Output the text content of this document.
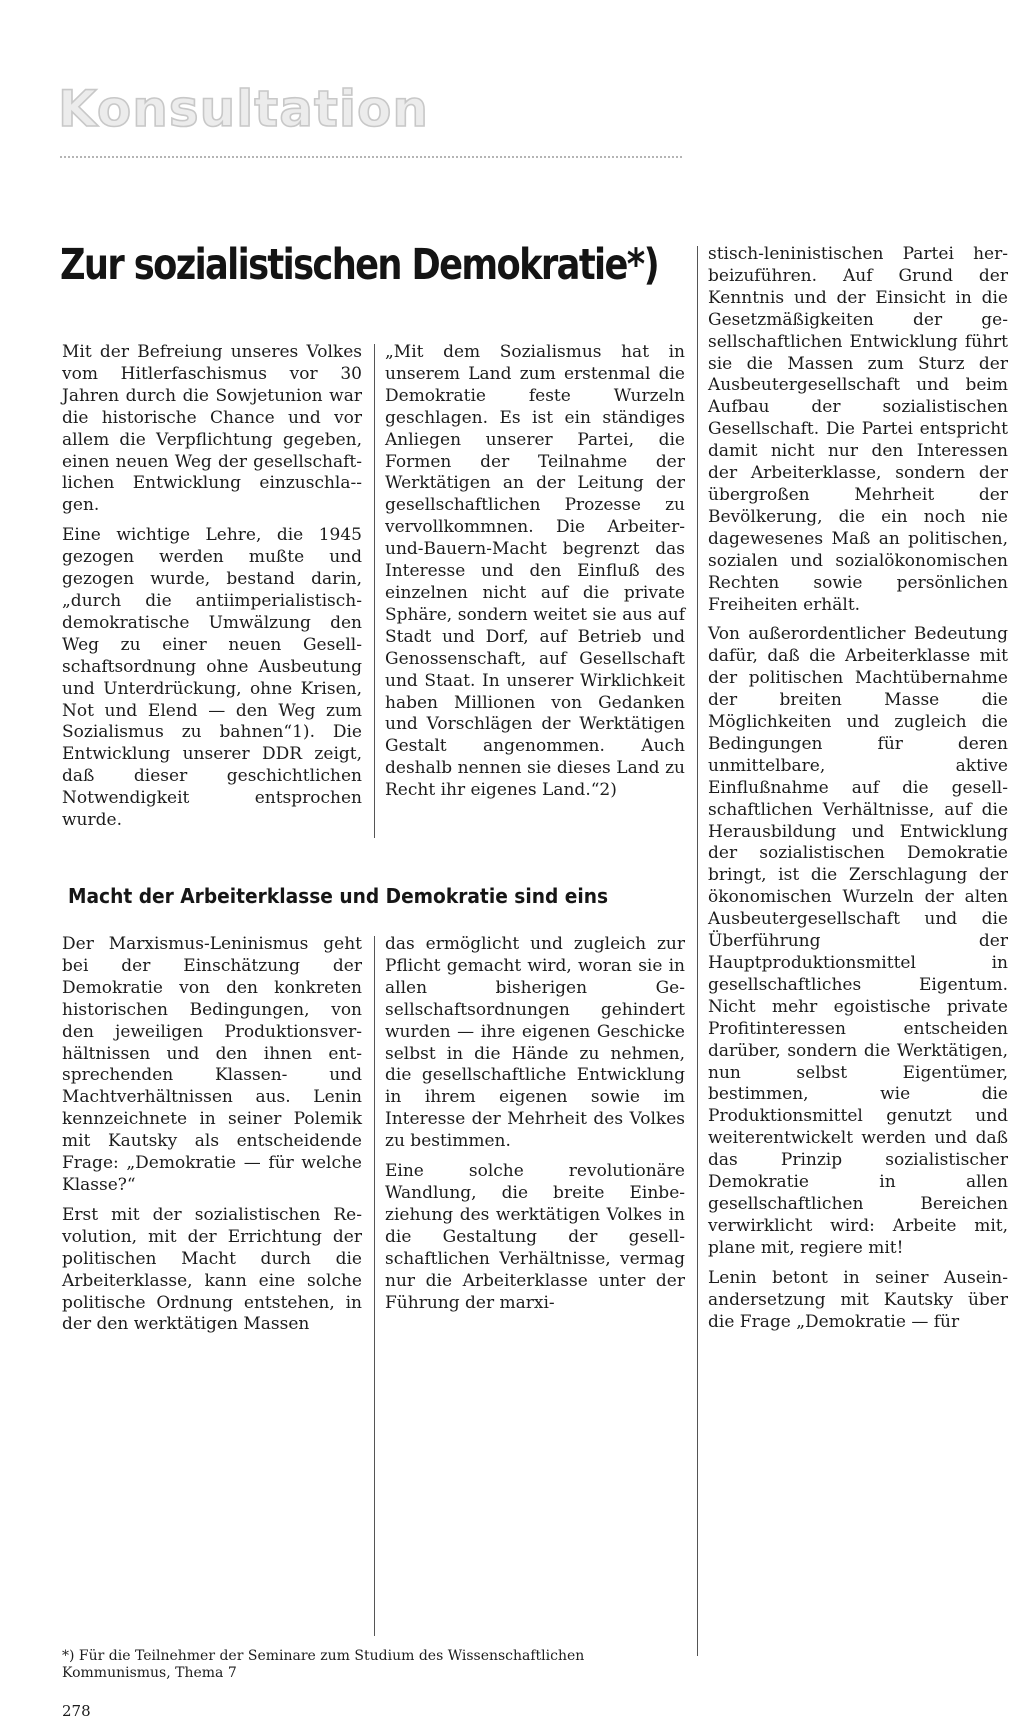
Konsultation
Zur sozialistischen Demokratie*)

Mit der Befreiung unseres Volkes vom Hitlerfaschismus vor 30 Jahren durch die Sowjetunion war die historische Chance und vor allem die Verpflichtung gegeben, einen neuen Weg der gesellschaftlichen Entwicklung einzuschla-gen.

Eine wichtige Lehre, die 1945 gezogen werden mußte und gezogen wurde, bestand darin, „durch die antiimperialistisch-demokratische Umwälzung den Weg zu einer neuen Gesellschaftsordnung ohne Ausbeutung und Unterdrückung, ohne Krisen, Not und Elend — den Weg zum Sozialismus zu bahnen“1). Die Entwicklung unserer DDR zeigt, daß dieser geschichtlichen Notwendigkeit entsprochen wurde.

„Mit dem Sozialismus hat in unserem Land zum erstenmal die Demokratie feste Wurzeln geschlagen. Es ist ein ständiges Anliegen unserer Partei, die Formen der Teilnahme der Werktätigen an der Leitung der gesellschaftlichen Prozesse zu vervollkommnen. Die Arbeiter-und-Bauern-Macht begrenzt das Interesse und den Einfluß des einzelnen nicht auf die private Sphäre, sondern weitet sie aus auf Stadt und Dorf, auf Betrieb und Genossenschaft, auf Gesellschaft und Staat. In unserer Wirklichkeit haben Millionen von Gedanken und Vorschlägen der Werktätigen Gestalt angenommen. Auch deshalb nennen sie dieses Land zu Recht ihr eigenes Land.“2)

stisch-leninistischen Partei herbeizuführen. Auf Grund der Kenntnis und der Einsicht in die Gesetzmäßigkeiten der gesellschaftlichen Entwicklung führt sie die Massen zum Sturz der Ausbeutergesellschaft und beim Aufbau der sozialistischen Gesellschaft. Die Partei entspricht damit nicht nur den Interessen der Arbeiterklasse, sondern der übergroßen Mehrheit der Bevölkerung, die ein noch nie dagewesenes Maß an politischen, sozialen und sozialökonomischen Rechten sowie persönlichen Freiheiten erhält.

Von außerordentlicher Bedeutung dafür, daß die Arbeiterklasse mit der politischen Machtübernahme der breiten Masse die Möglichkeiten und zugleich die Bedingungen für deren unmittelbare, aktive Einflußnahme auf die gesellschaftlichen Verhältnisse, auf die Herausbildung und Entwicklung der sozialistischen Demokratie bringt, ist die Zerschlagung der ökonomischen Wurzeln der alten Ausbeutergesellschaft und die Überführung der Hauptproduktionsmittel in gesellschaftliches Eigentum. Nicht mehr egoistische private Profitinteressen entscheiden darüber, sondern die Werktätigen, nun selbst Eigentümer, bestimmen, wie die Produktionsmittel genutzt und weiterentwickelt werden und daß das Prinzip sozialistischer Demokratie in allen gesellschaftlichen Bereichen verwirklicht wird: Arbeite mit, plane mit, regiere mit!

Lenin betont in seiner Auseinandersetzung mit Kautsky über die Frage „Demokratie — für

Macht der Arbeiterklasse und Demokratie sind eins

Der Marxismus-Leninismus geht bei der Einschätzung der Demokratie von den konkreten historischen Bedingungen, von den jeweiligen Produktionsverhältnissen und den ihnen entsprechenden Klassen- und Machtverhältnissen aus. Lenin kennzeichnete in seiner Polemik mit Kautsky als entscheidende Frage: „Demokratie — für welche Klasse?“

Erst mit der sozialistischen Revolution, mit der Errichtung der politischen Macht durch die Arbeiterklasse, kann eine solche politische Ordnung entstehen, in der den werktätigen Massen

das ermöglicht und zugleich zur Pflicht gemacht wird, woran sie in allen bisherigen Gesellschaftsordnungen gehindert wurden — ihre eigenen Geschicke selbst in die Hände zu nehmen, die gesellschaftliche Entwicklung in ihrem eigenen sowie im Interesse der Mehrheit des Volkes zu bestimmen.

Eine solche revolutionäre Wandlung, die breite Einbeziehung des werktätigen Volkes in die Gestaltung der gesellschaftlichen Verhältnisse, vermag nur die Arbeiterklasse unter der Führung der marxi-

*) Für die Teilnehmer der Seminare zum Studium des Wissenschaftlichen Kommunismus, Thema 7
278
